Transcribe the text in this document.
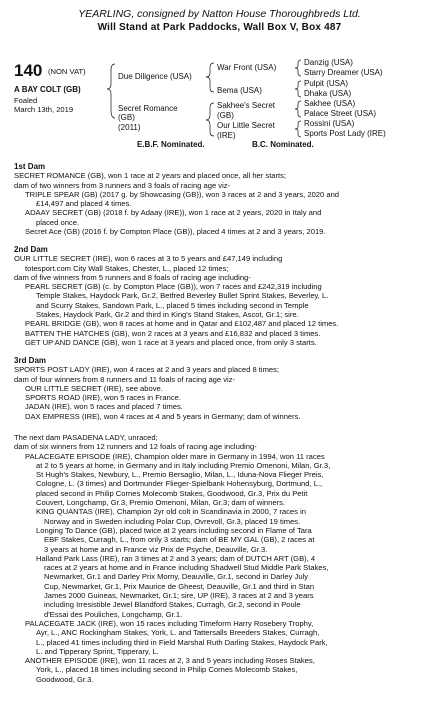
YEARLING, consigned by Natton House Thoroughbreds Ltd.
Will Stand at Park Paddocks, Wall Box V, Box 487
140 (NON VAT)
A BAY COLT (GB)
Foaled
March 13th, 2019
Due Diligence (USA)
Secret Romance
(GB)
(2011)
War Front (USA)
Bema (USA)
Sakhee's Secret
(GB)
Our Little Secret
(IRE)
Danzig (USA)
Starry Dreamer (USA)
Pulpit (USA)
Dhaka (USA)
Sakhee (USA)
Palace Street (USA)
Rossini (USA)
Sports Post Lady (IRE)
E.B.F. Nominated.	B.C. Nominated.
1st Dam
SECRET ROMANCE (GB), won 1 race at 2 years and placed once, all her starts;
dam of two winners from 3 runners and 3 foals of racing age viz-
TRIPLE SPEAR (GB) (2017 g. by Showcasing (GB)), won 3 races at 2 and 3 years, 2020 and
£14,497 and placed 4 times.
ADAAY SECRET (GB) (2018 f. by Adaay (IRE)), won 1 race at 2 years, 2020 in Italy and
placed once.
Secret Ace (GB) (2016 f. by Compton Place (GB)), placed 4 times at 2 and 3 years, 2019.
2nd Dam
OUR LITTLE SECRET (IRE), won 6 races at 3 to 5 years and £47,149 including
totesport.com City Wall Stakes, Chester, L., placed 12 times;
dam of five winners from 5 runners and 8 foals of racing age including-
PEARL SECRET (GB) (c. by Compton Place (GB)), won 7 races and £242,319 including
Temple Stakes, Haydock Park, Gr.2, Betfred Beverley Bullet Sprint Stakes, Beverley, L.
and Scurry Stakes, Sandown Park, L., placed 5 times including second in Temple
Stakes, Haydock Park, Gr.2 and third in King's Stand Stakes, Ascot, Gr.1; sire.
PEARL BRIDGE (GB), won 8 races at home and in Qatar and £102,487 and placed 12 times.
BATTEN THE HATCHES (GB), won 2 races at 3 years and £16,832 and placed 3 times.
GET UP AND DANCE (GB), won 1 race at 3 years and placed once, from only 3 starts.
3rd Dam
SPORTS POST LADY (IRE), won 4 races at 2 and 3 years and placed 8 times;
dam of four winners from 8 runners and 11 foals of racing age viz-
OUR LITTLE SECRET (IRE), see above.
SPORTS ROAD (IRE), won 5 races in France.
JADAN (IRE), won 5 races and placed 7 times.
DAX EMPRESS (IRE), won 4 races at 4 and 5 years in Germany; dam of winners.
The next dam PASADENA LADY, unraced;
dam of six winners from 12 runners and 12 foals of racing age including-
PALACEGATE EPISODE (IRE), Champion older mare in Germany in 1994, won 11 races
at 2 to 5 years at home, in Germany and in Italy including Premio Omenoni, Milan, Gr.3,
St Hugh's Stakes, Newbury, L., Premio Bersaglio, Milan, L., Iduna-Nova Flieger Preis,
Cologne, L. (3 times) and Dortmunder Flieger-Spielbank Hohensyburg, Dortmund, L.,
placed second in Philip Cornes Molecomb Stakes, Goodwood, Gr.3, Prix du Petit
Couvert, Longchamp, Gr.3, Premio Omenoni, Milan, Gr.3; dam of winners.
KING QUANTAS (IRE), Champion 2yr old colt in Scandinavia in 2000, 7 races in
Norway and in Sweden including Polar Cup, Ovrevoll, Gr.3, placed 19 times.
Longing To Dance (GB), placed twice at 2 years including second in Flame of Tara
EBF Stakes, Curragh, L., from only 3 starts; dam of BE MY GAL (GB), 2 races at
3 years at home and in France viz Prix de Psyche, Deauville, Gr.3.
Halland Park Lass (IRE), ran 3 times at 2 and 3 years; dam of DUTCH ART (GB), 4
races at 2 years at home and in France including Shadwell Stud Middle Park Stakes,
Newmarket, Gr.1 and Darley Prix Morny, Deauville, Gr.1, second in Darley July
Cup, Newmarket, Gr.1, Prix Maurice de Gheest, Deauville, Gr.1 and third in Stan
James 2000 Guineas, Newmarket, Gr.1; sire, UP (IRE), 3 races at 2 and 3 years
including Irresistible Jewel Blandford Stakes, Curragh, Gr.2, second in Poule
d'Essai des Pouliches, Longchamp, Gr.1.
PALACEGATE JACK (IRE), won 15 races including Timeform Harry Rosebery Trophy,
Ayr, L., ANC Rockingham Stakes, York, L. and Tattersalls Breeders Stakes, Curragh,
L., placed 41 times including third in Field Marshal Ruth Darling Stakes, Haydock Park,
L. and Tipperary Sprint, Tipperary, L.
ANOTHER EPISODE (IRE), won 11 races at 2, 3 and 5 years including Roses Stakes,
York, L., placed 18 times including second in Philip Cornes Molecomb Stakes,
Goodwood, Gr.3.
